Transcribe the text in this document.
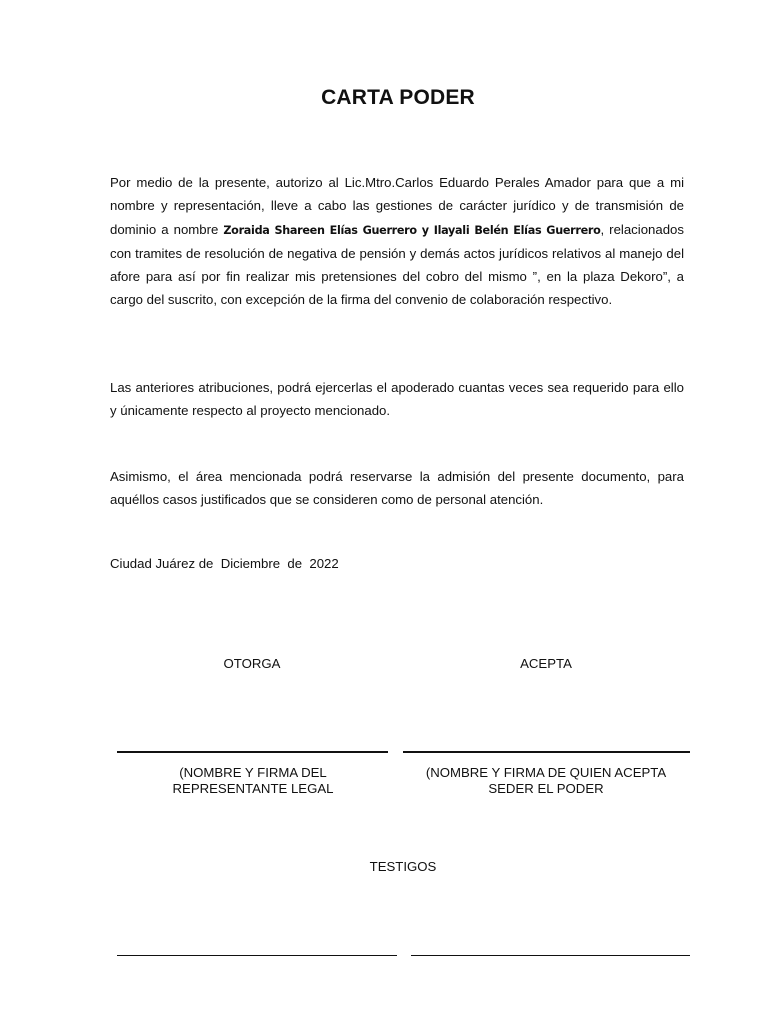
CARTA PODER
Por medio de la presente, autorizo al Lic.Mtro.Carlos Eduardo Perales Amador para que a mi nombre y representación, lleve a cabo las gestiones de carácter jurídico y de transmisión de dominio a nombre Zoraida Shareen Elías Guerrero y Ilayali Belén Elías Guerrero, relacionados con tramites de resolución de negativa de pensión y demás actos jurídicos relativos al manejo del afore para así por fin realizar mis pretensiones del cobro del mismo ”, en la plaza Dekoro”, a cargo del suscrito, con excepción de la firma del convenio de colaboración respectivo.
Las anteriores atribuciones, podrá ejercerlas el apoderado cuantas veces sea requerido para ello y únicamente respecto al proyecto mencionado.
Asimismo, el área mencionada podrá reservarse la admisión del presente documento, para aquéllos casos justificados que se consideren como de personal atención.
Ciudad Juárez de  Diciembre  de  2022
OTORGA	ACEPTA
(NOMBRE Y FIRMA DEL
REPRESENTANTE LEGAL
(NOMBRE Y FIRMA DE QUIEN ACEPTA
SEDER EL PODER
TESTIGOS
